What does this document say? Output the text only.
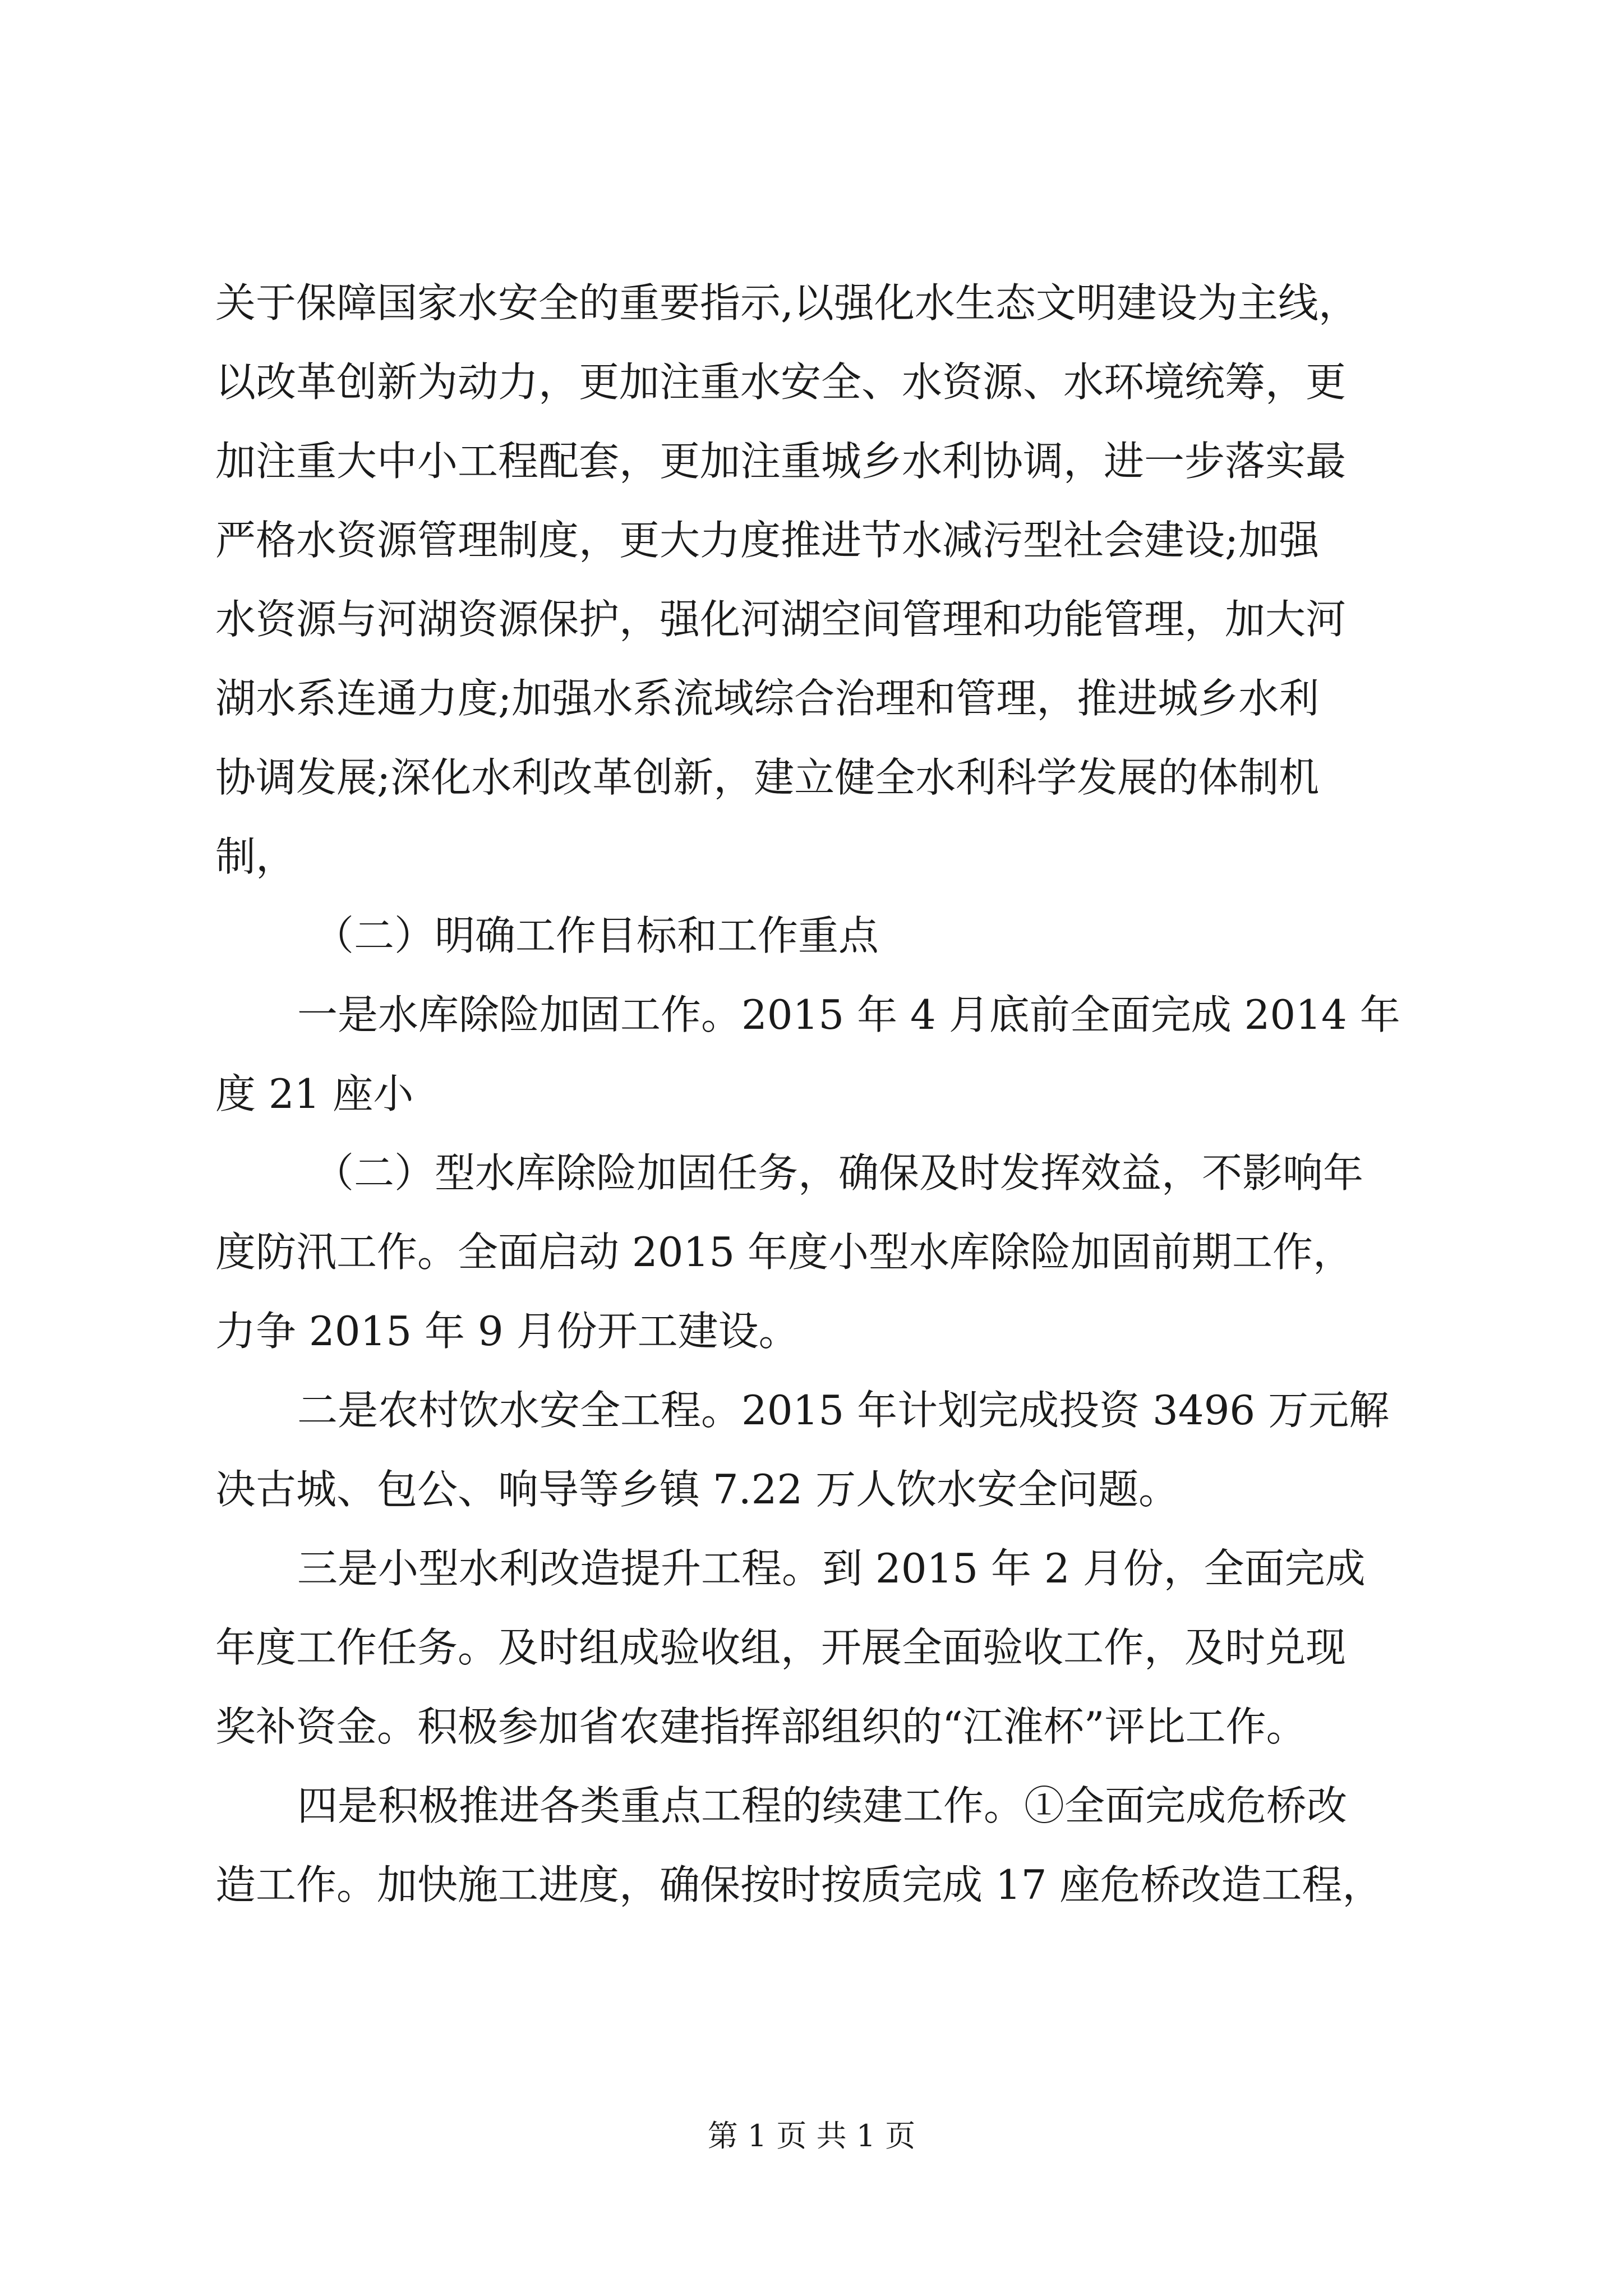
关于保障国家水安全的重要指示,以强化水生态文明建设为主线，
以改革创新为动力，更加注重水安全、水资源、水环境统筹，更
加注重大中小工程配套，更加注重城乡水利协调，进一步落实最
严格水资源管理制度，更大力度推进节水减污型社会建设;加强
水资源与河湖资源保护，强化河湖空间管理和功能管理，加大河
湖水系连通力度;加强水系流域综合治理和管理，推进城乡水利
协调发展;深化水利改革创新，建立健全水利科学发展的体制机
制，
（二）明确工作目标和工作重点
一是水库除险加固工作。2015 年 4 月底前全面完成 2014 年
度 21 座小
（二）型水库除险加固任务，确保及时发挥效益，不影响年
度防汛工作。全面启动 2015 年度小型水库除险加固前期工作，
力争 2015 年 9 月份开工建设。
二是农村饮水安全工程。2015 年计划完成投资 3496 万元解
决古城、包公、响导等乡镇 7.22 万人饮水安全问题。
三是小型水利改造提升工程。到 2015 年 2 月份，全面完成
年度工作任务。及时组成验收组，开展全面验收工作，及时兑现
奖补资金。积极参加省农建指挥部组织的“江淮杯”评比工作。
四是积极推进各类重点工程的续建工作。①全面完成危桥改
造工作。加快施工进度，确保按时按质完成 17 座危桥改造工程，
第 1 页 共 1 页
